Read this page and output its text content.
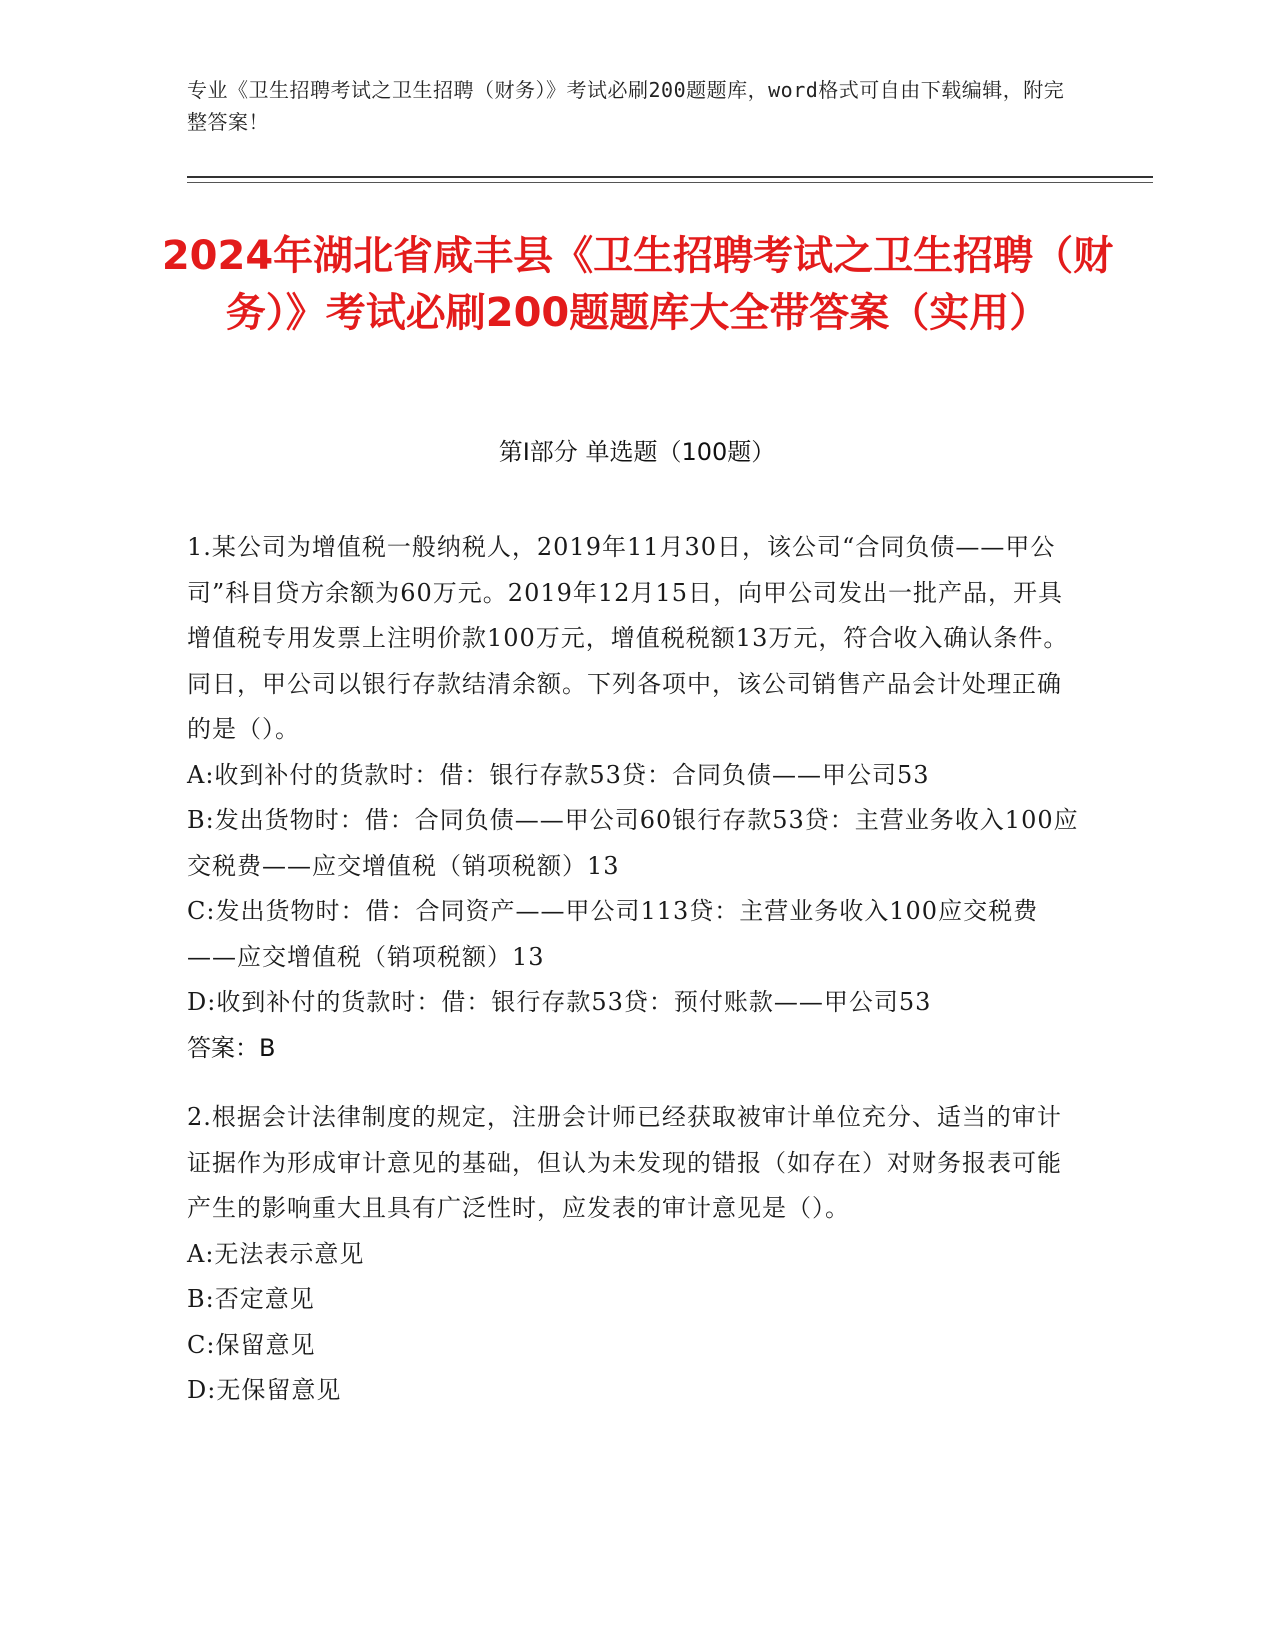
专业《卫生招聘考试之卫生招聘（财务）》考试必刷200题题库，word格式可自由下载编辑，附完整答案！
2024年湖北省咸丰县《卫生招聘考试之卫生招聘（财务）》考试必刷200题题库大全带答案（实用）
第I部分 单选题（100题）

1.某公司为增值税一般纳税人，2019年11月30日，该公司“合同负债——甲公司”科目贷方余额为60万元。2019年12月15日，向甲公司发出一批产品，开具增值税专用发票上注明价款100万元，增值税税额13万元，符合收入确认条件。同日，甲公司以银行存款结清余额。下列各项中，该公司销售产品会计处理正确的是（）。

A:收到补付的货款时：借：银行存款53贷：合同负债——甲公司53

B:发出货物时：借：合同负债——甲公司60银行存款53贷：主营业务收入100应交税费——应交增值税（销项税额）13

C:发出货物时：借：合同资产——甲公司113贷：主营业务收入100应交税费——应交增值税（销项税额）13

D:收到补付的货款时：借：银行存款53贷：预付账款——甲公司53

答案：B

2.根据会计法律制度的规定，注册会计师已经获取被审计单位充分、适当的审计证据作为形成审计意见的基础，但认为未发现的错报（如存在）对财务报表可能产生的影响重大且具有广泛性时，应发表的审计意见是（）。

A:无法表示意见

B:否定意见

C:保留意见

D:无保留意见
